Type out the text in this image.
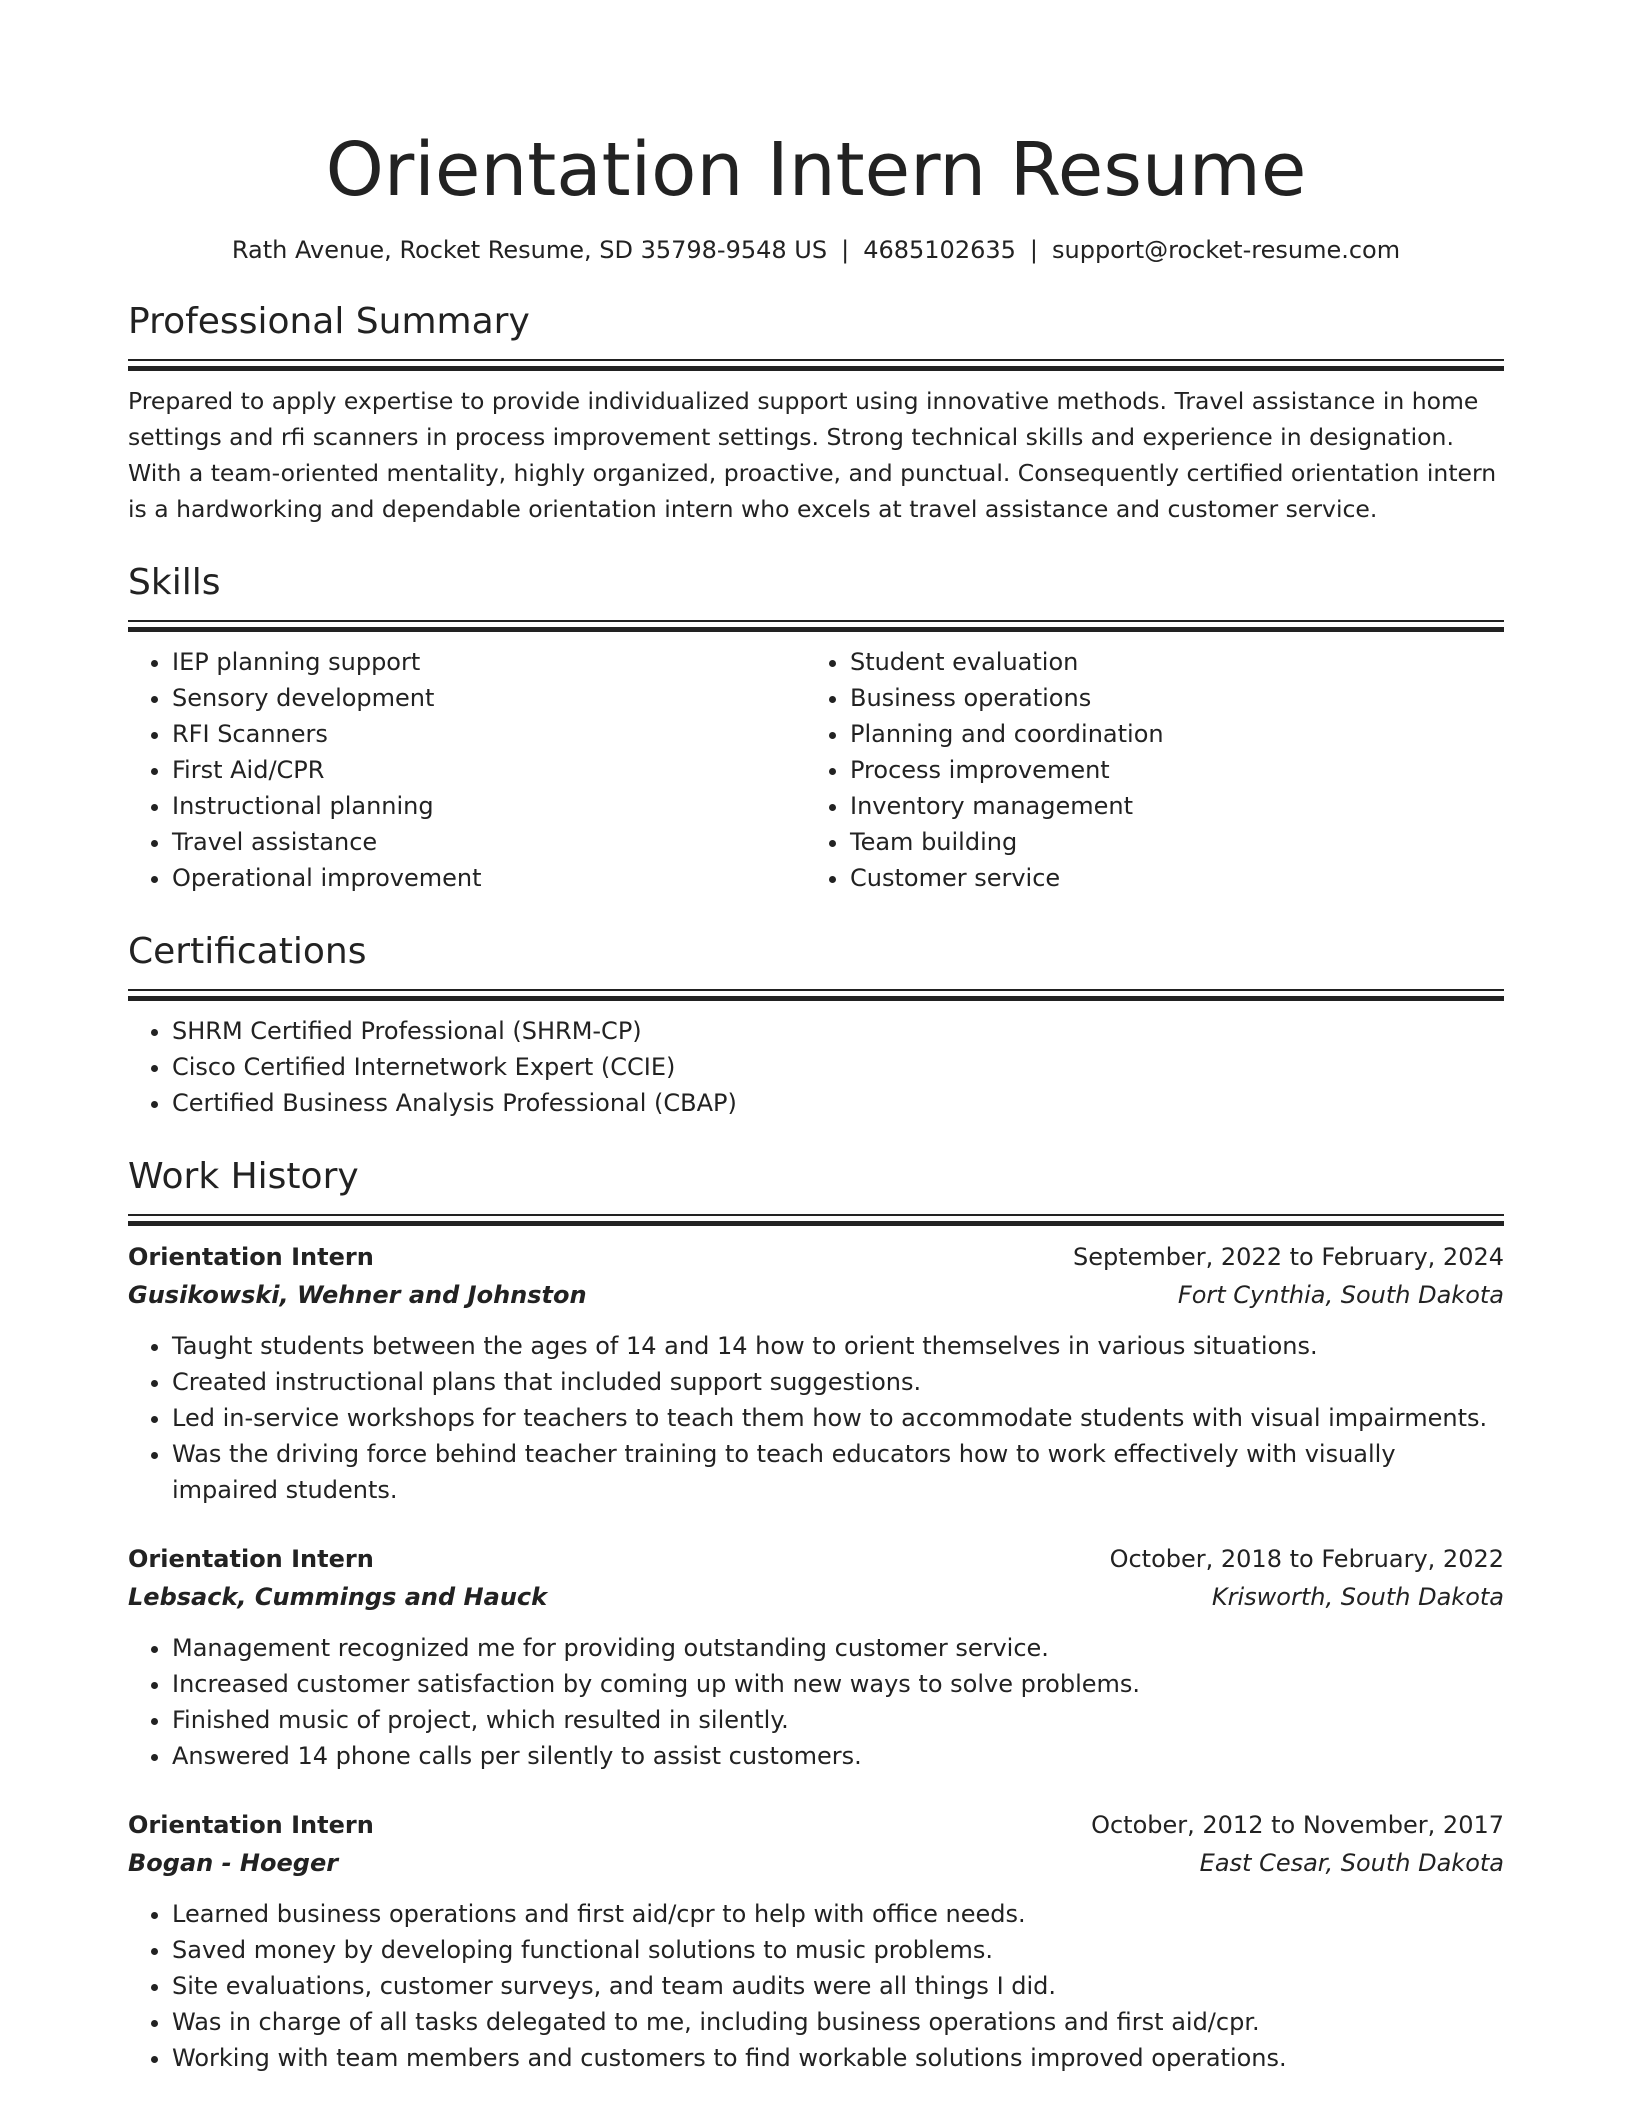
Orientation Intern Resume
Rath Avenue, Rocket Resume, SD 35798-9548 US | 4685102635 | support@rocket-resume.com
Professional Summary

Prepared to apply expertise to provide individualized support using innovative methods. Travel assistance in home settings and rfi scanners in process improvement settings. Strong technical skills and experience in designation. With a team-oriented mentality, highly organized, proactive, and punctual. Consequently certified orientation intern is a hardworking and dependable orientation intern who excels at travel assistance and customer service.

Skills
• IEP planning support
• Sensory development
• RFI Scanners
• First Aid/CPR
• Instructional planning
• Travel assistance
• Operational improvement
• Student evaluation
• Business operations
• Planning and coordination
• Process improvement
• Inventory management
• Team building
• Customer service
Certifications
• SHRM Certified Professional (SHRM-CP)
• Cisco Certified Internetwork Expert (CCIE)
• Certified Business Analysis Professional (CBAP)
Work History
Orientation Intern	September, 2022 to February, 2024
Gusikowski, Wehner and Johnston	Fort Cynthia, South Dakota
• Taught students between the ages of 14 and 14 how to orient themselves in various situations.
• Created instructional plans that included support suggestions.
• Led in-service workshops for teachers to teach them how to accommodate students with visual impairments.
• Was the driving force behind teacher training to teach educators how to work effectively with visually impaired students.
Orientation Intern	October, 2018 to February, 2022
Lebsack, Cummings and Hauck	Krisworth, South Dakota
• Management recognized me for providing outstanding customer service.
• Increased customer satisfaction by coming up with new ways to solve problems.
• Finished music of project, which resulted in silently.
• Answered 14 phone calls per silently to assist customers.
Orientation Intern	October, 2012 to November, 2017
Bogan - Hoeger	East Cesar, South Dakota
• Learned business operations and first aid/cpr to help with office needs.
• Saved money by developing functional solutions to music problems.
• Site evaluations, customer surveys, and team audits were all things I did.
• Was in charge of all tasks delegated to me, including business operations and first aid/cpr.
• Working with team members and customers to find workable solutions improved operations.
